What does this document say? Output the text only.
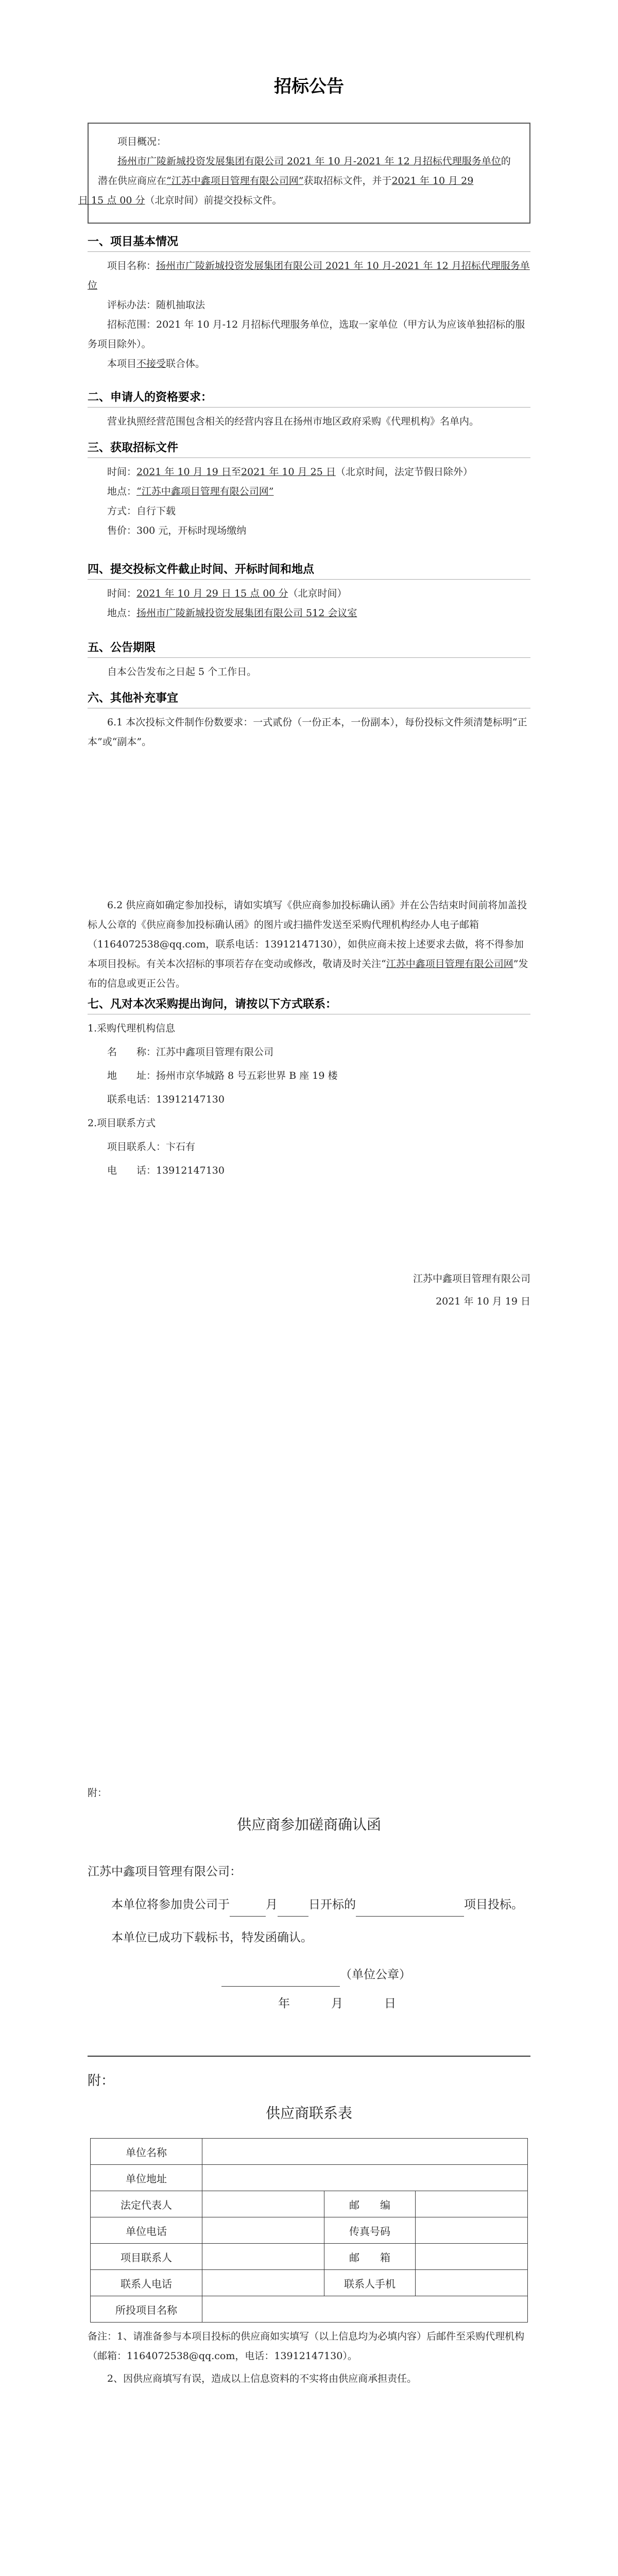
招标公告

项目概况：

扬州市广陵新城投资发展集团有限公司 2021 年 10 月-2021 年 12 月招标代理服务单位的潜在供应商应在“江苏中鑫项目管理有限公司网”获取招标文件，并于2021 年 10 月 29
日 15 点 00 分（北京时间）前提交投标文件。

一、项目基本情况

项目名称：扬州市广陵新城投资发展集团有限公司 2021 年 10 月-2021 年 12 月招标代理服务单位

评标办法：随机抽取法

招标范围：2021 年 10 月-12 月招标代理服务单位，选取一家单位（甲方认为应该单独招标的服务项目除外）。

本项目不接受联合体。

二、申请人的资格要求：

营业执照经营范围包含相关的经营内容且在扬州市地区政府采购《代理机构》名单内。

三、获取招标文件

时间：2021 年 10 月 19 日至2021 年 10 月 25 日（北京时间，法定节假日除外）

地点：“江苏中鑫项目管理有限公司网”

方式：自行下载

售价：300 元，开标时现场缴纳

四、提交投标文件截止时间、开标时间和地点

时间：2021 年 10 月 29 日 15 点 00 分（北京时间）

地点：扬州市广陵新城投资发展集团有限公司 512 会议室

五、公告期限

自本公告发布之日起 5 个工作日。

六、其他补充事宜

6.1 本次投标文件制作份数要求：一式贰份（一份正本，一份副本），每份投标文件须清楚标明“正本”或“副本”。

6.2 供应商如确定参加投标，请如实填写《供应商参加投标确认函》并在公告结束时间前将加盖投标人公章的《供应商参加投标确认函》的图片或扫描件发送至采购代理机构经办人电子邮箱（1164072538@qq.com，联系电话：13912147130），如供应商未按上述要求去做，将不得参加本项目投标。有关本次招标的事项若存在变动或修改，敬请及时关注“江苏中鑫项目管理有限公司网”发布的信息或更正公告。

七、凡对本次采购提出询问，请按以下方式联系：

1.采购代理机构信息

名　　称：江苏中鑫项目管理有限公司

地　　址：扬州市京华城路 8 号五彩世界 B 座 19 楼

联系电话：13912147130

2.项目联系方式

项目联系人：卞石有

电　　话：13912147130

江苏中鑫项目管理有限公司
2021 年 10 月 19 日
附：
供应商参加磋商确认函

江苏中鑫项目管理有限公司：

本单位将参加贵公司于	月	日开标的	项目投标。

本单位已成功下载标书，特发函确认。

（单位公章）

年	月	日

附：
供应商联系表
单位名称			
单位地址			
法定代表人		邮　　编	
单位电话		传真号码	
项目联系人		邮　　箱	
联系人电话		联系人手机	
所投项目名称			

备注：1、请准备参与本项目投标的供应商如实填写（以上信息均为必填内容）后邮件至采购代理机构（邮箱：1164072538@qq.com，电话：13912147130）。

2、因供应商填写有误，造成以上信息资料的不实将由供应商承担责任。
